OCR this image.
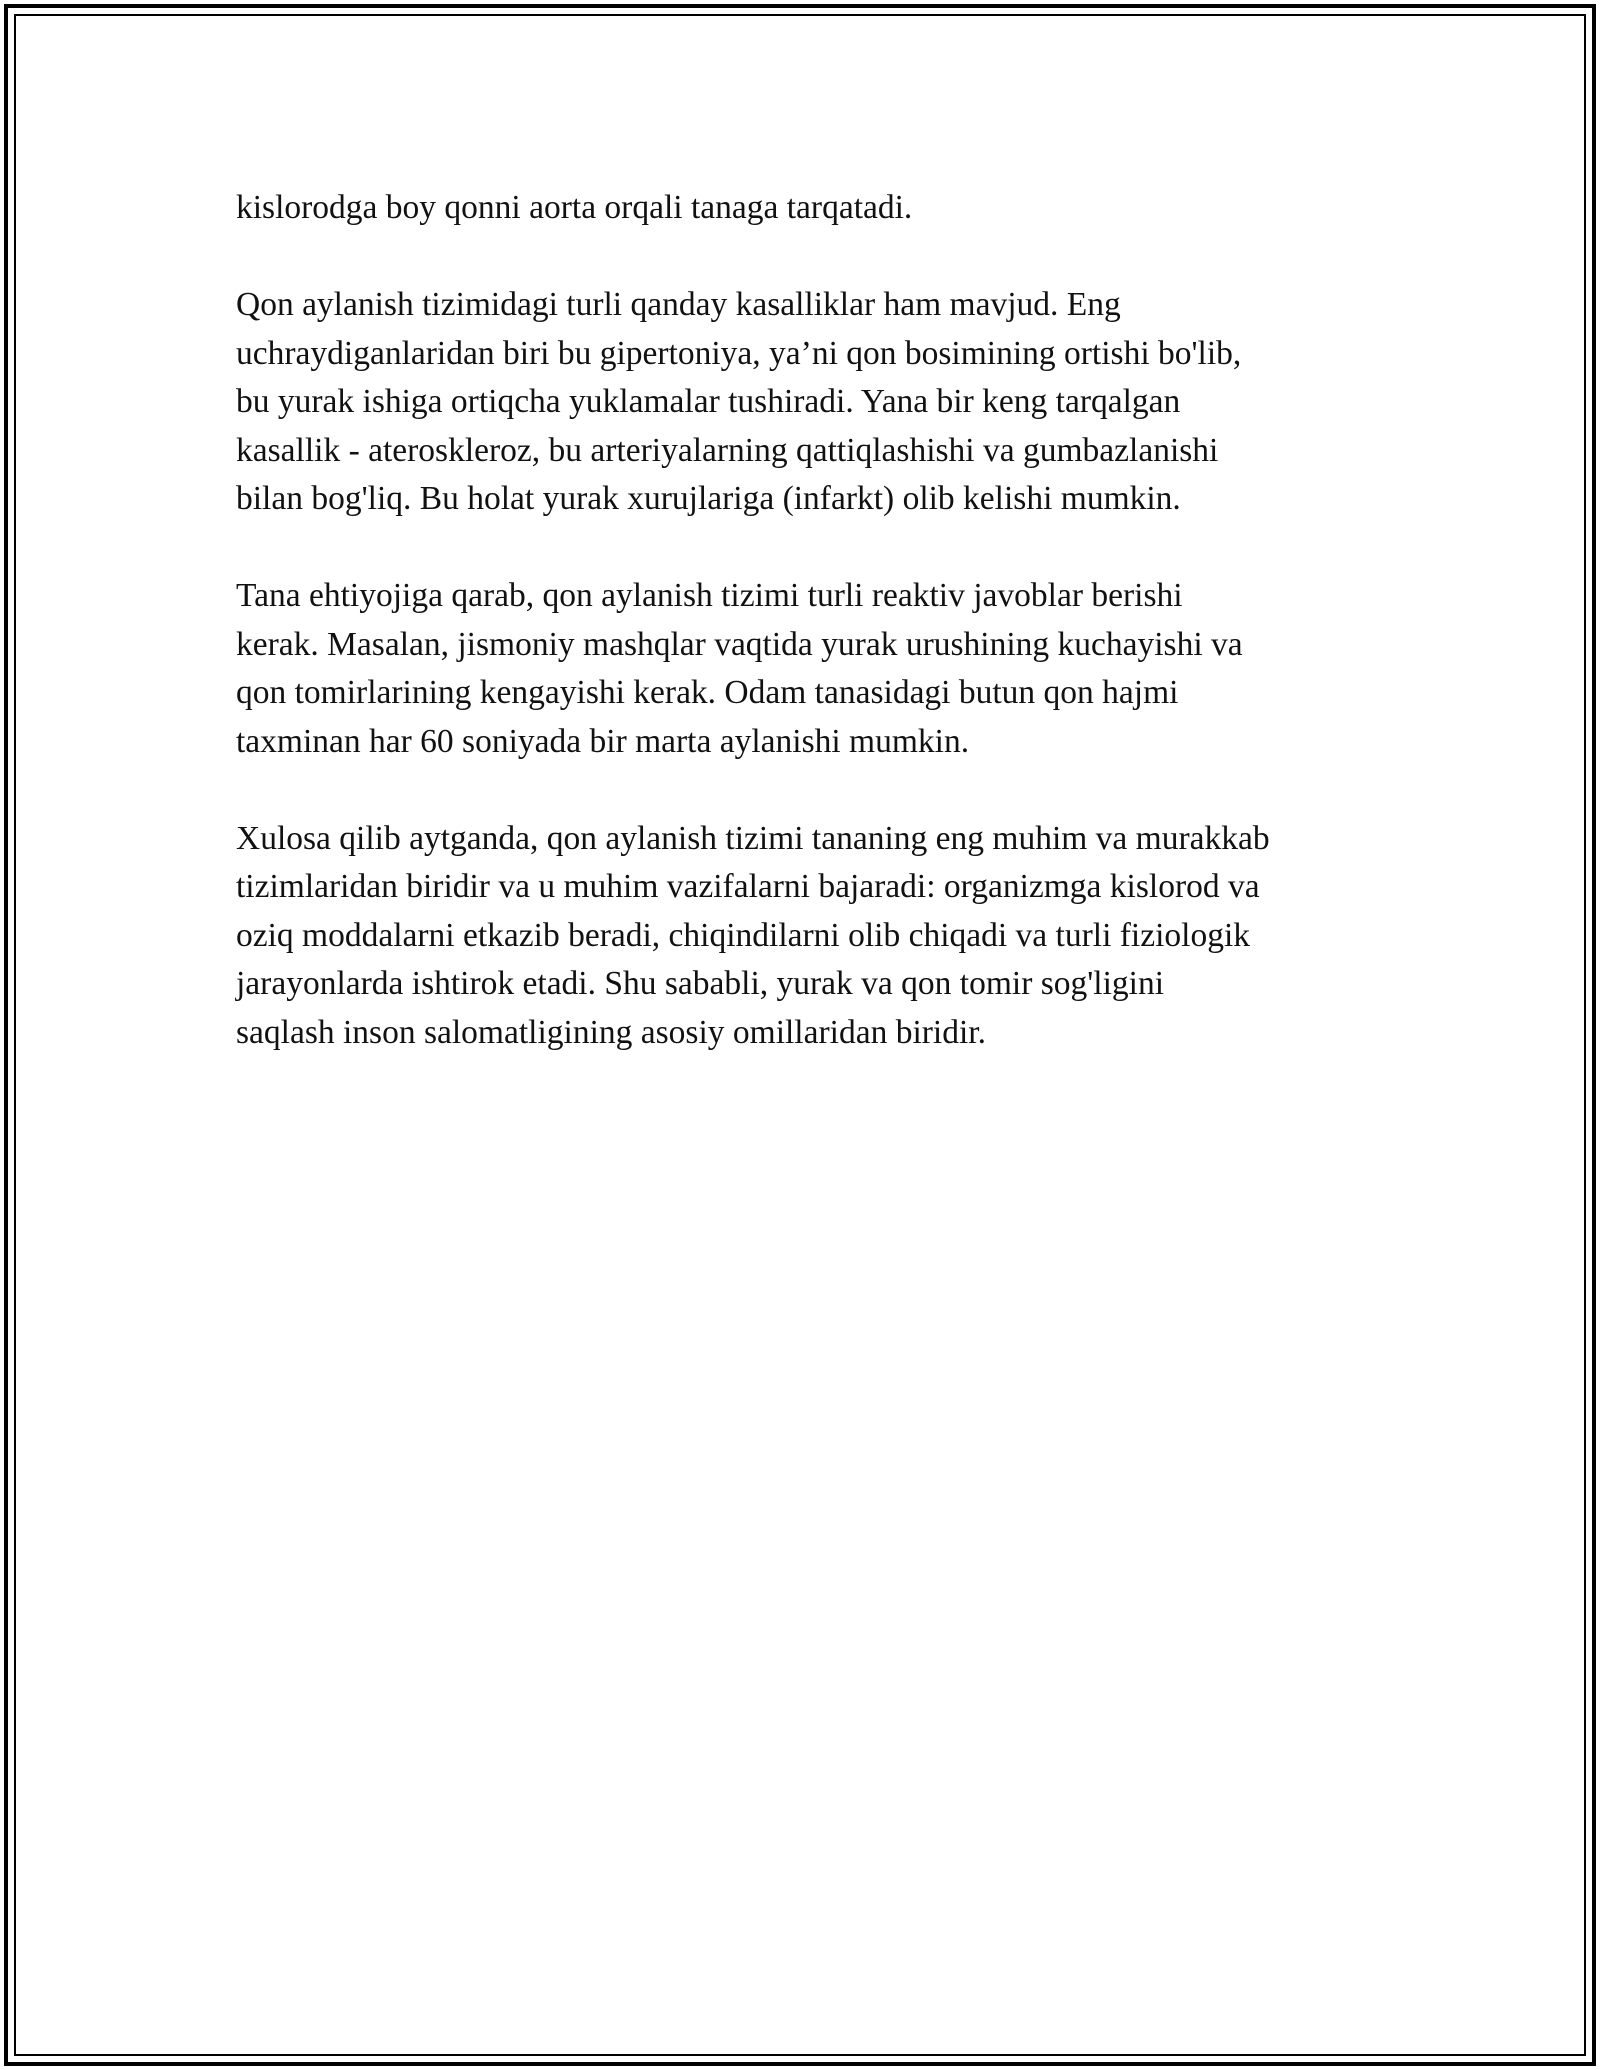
kislorodga boy qonni aorta orqali tanaga tarqatadi.

Qon aylanish tizimidagi turli qanday kasalliklar ham mavjud. Eng
uchraydiganlaridan biri bu gipertoniya, ya’ni qon bosimining ortishi bo'lib,
bu yurak ishiga ortiqcha yuklamalar tushiradi. Yana bir keng tarqalgan
kasallik - ateroskleroz, bu arteriyalarning qattiqlashishi va gumbazlanishi
bilan bog'liq. Bu holat yurak xurujlariga (infarkt) olib kelishi mumkin.

Tana ehtiyojiga qarab, qon aylanish tizimi turli reaktiv javoblar berishi
kerak. Masalan, jismoniy mashqlar vaqtida yurak urushining kuchayishi va
qon tomirlarining kengayishi kerak. Odam tanasidagi butun qon hajmi
taxminan har 60 soniyada bir marta aylanishi mumkin.

Xulosa qilib aytganda, qon aylanish tizimi tananing eng muhim va murakkab
tizimlaridan biridir va u muhim vazifalarni bajaradi: organizmga kislorod va
oziq moddalarni etkazib beradi, chiqindilarni olib chiqadi va turli fiziologik
jarayonlarda ishtirok etadi. Shu sababli, yurak va qon tomir sog'ligini
saqlash inson salomatligining asosiy omillaridan biridir.
